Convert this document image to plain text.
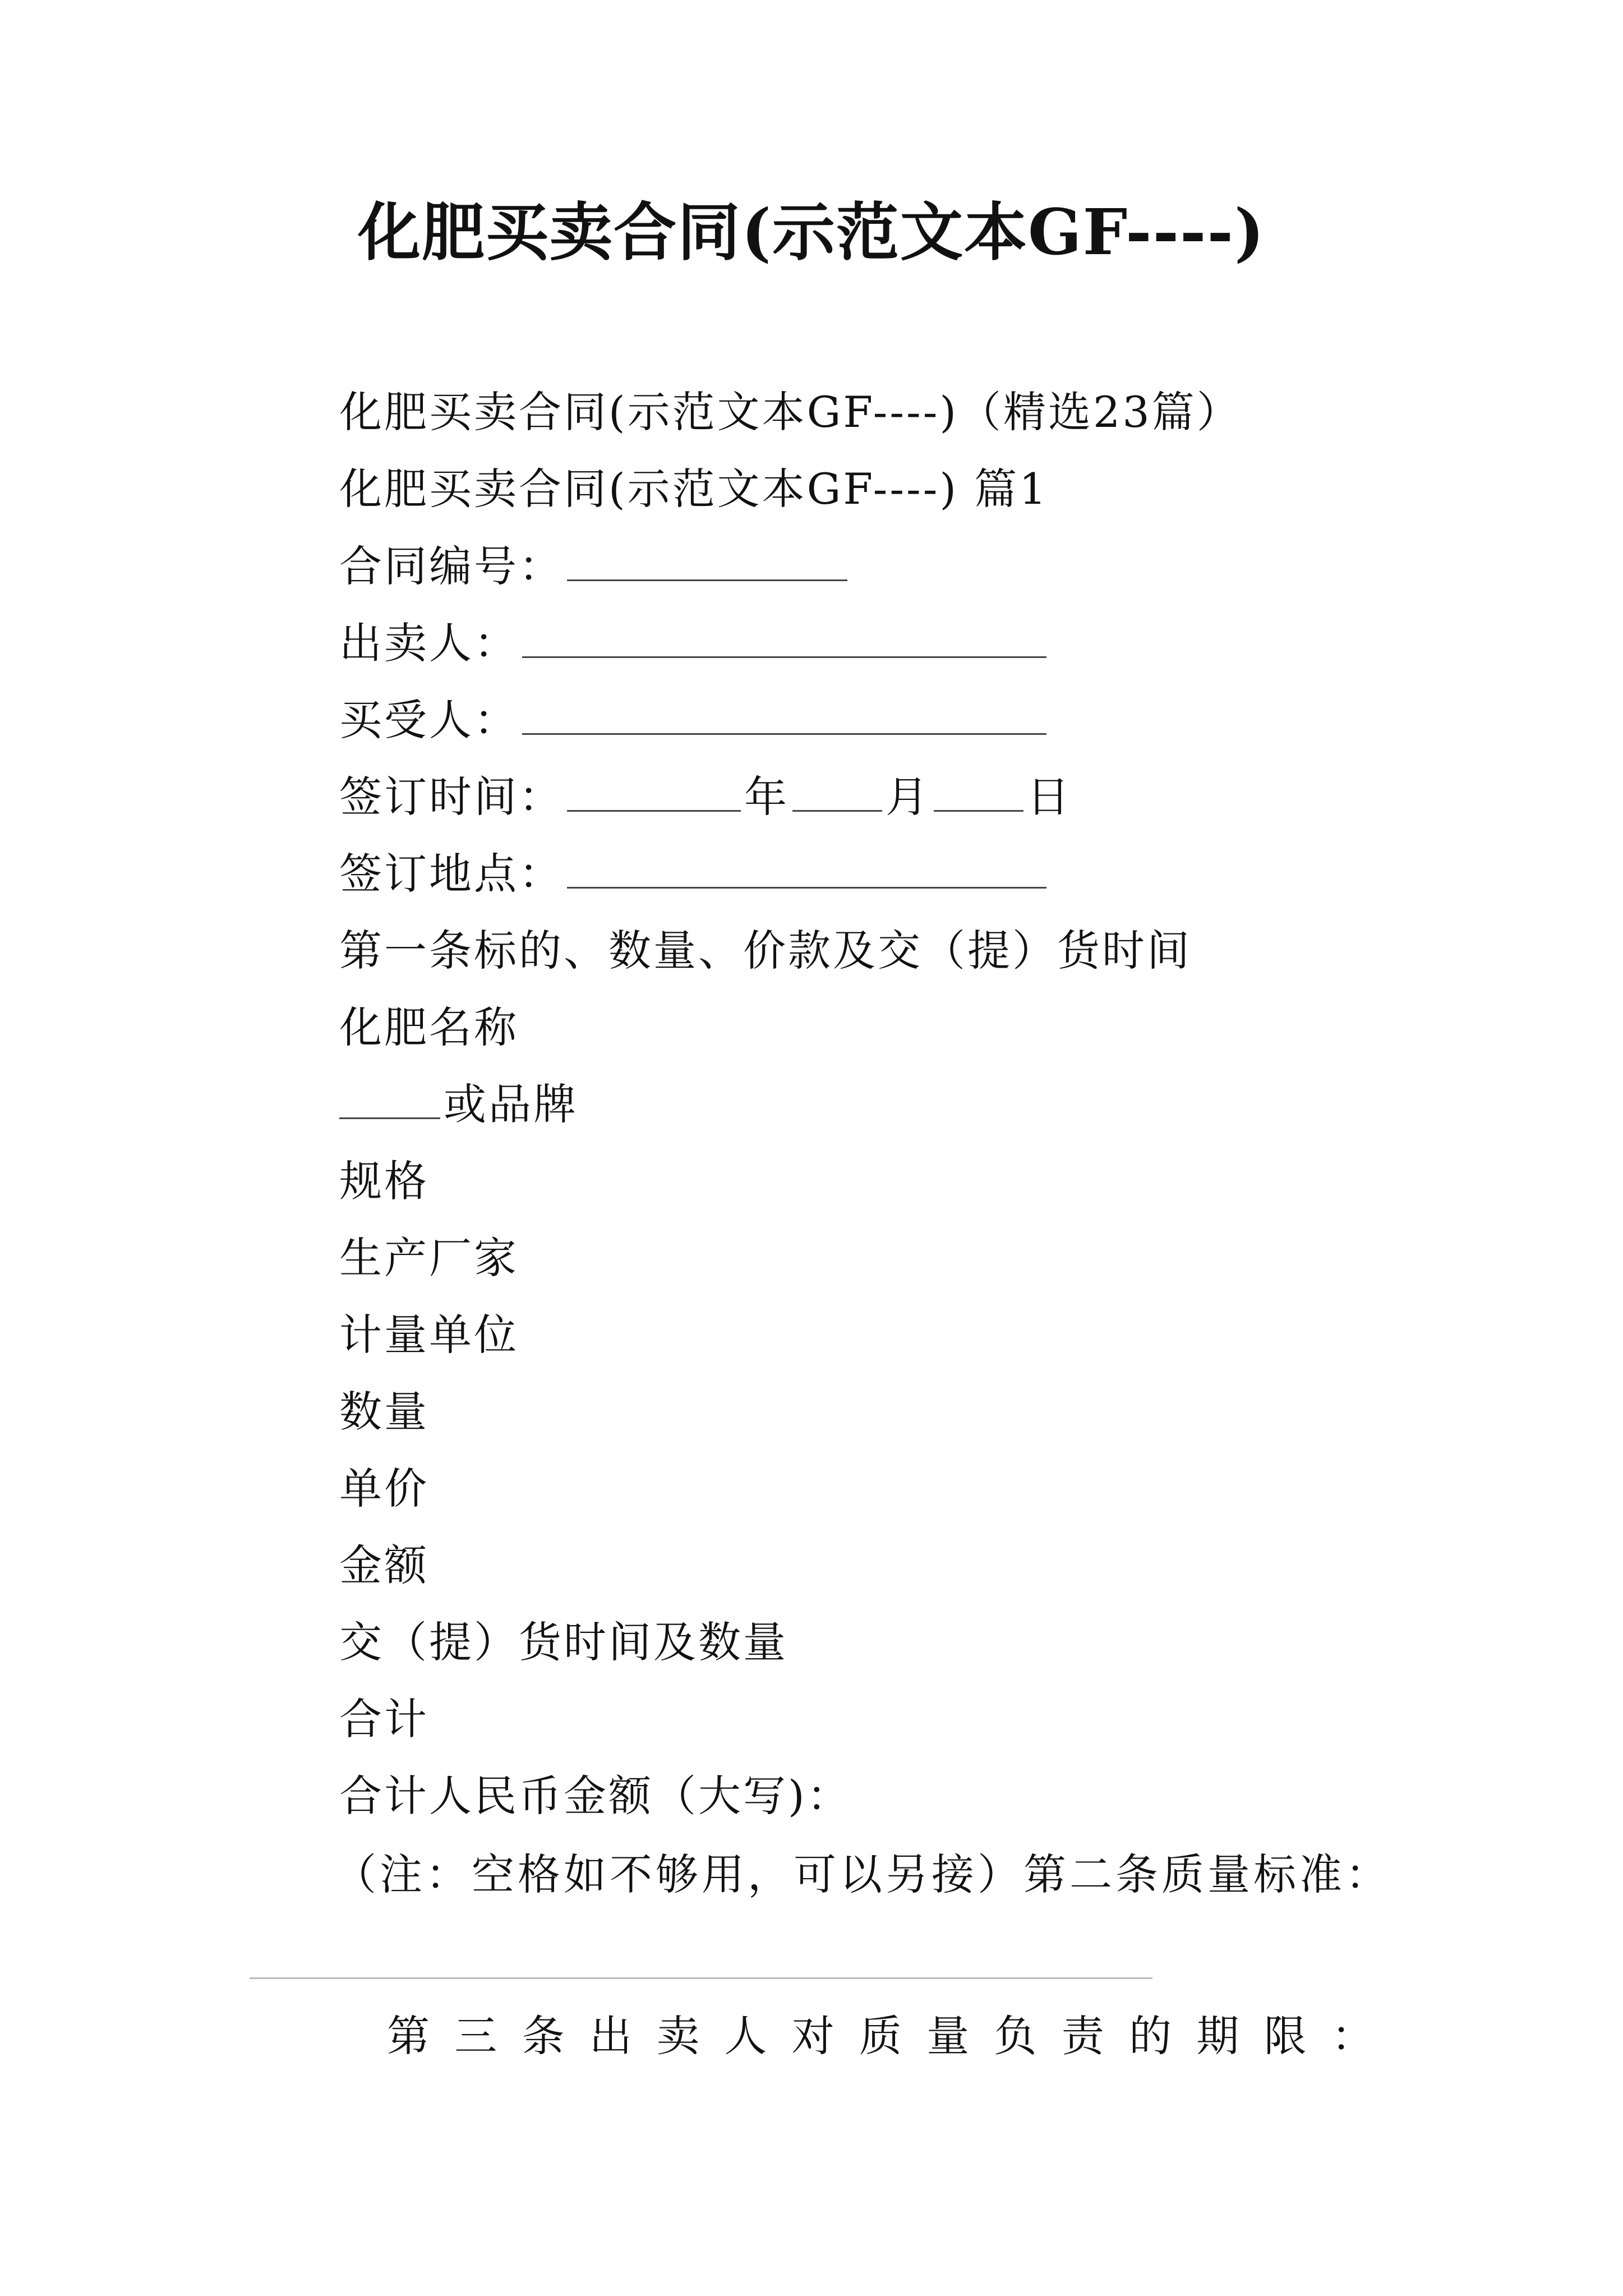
化肥买卖合同(示范文本GF----)
化肥买卖合同(示范文本GF----)（精选23篇）
化肥买卖合同(示范文本GF----) 篇1
合同编号：
出卖人：
买受人：
签订时间：	年 月 日
签订地点：
第一条标的、数量、价款及交（提）货时间
化肥名称
或品牌
规格
生产厂家
计量单位
数量
单价
金额
交（提）货时间及数量
合计
合计人民币金额（大写)：
（注：空格如不够用，可以另接）第二条质量标准：
第 三 条 出 卖 人 对 质 量 负 责 的 期 限 ：
